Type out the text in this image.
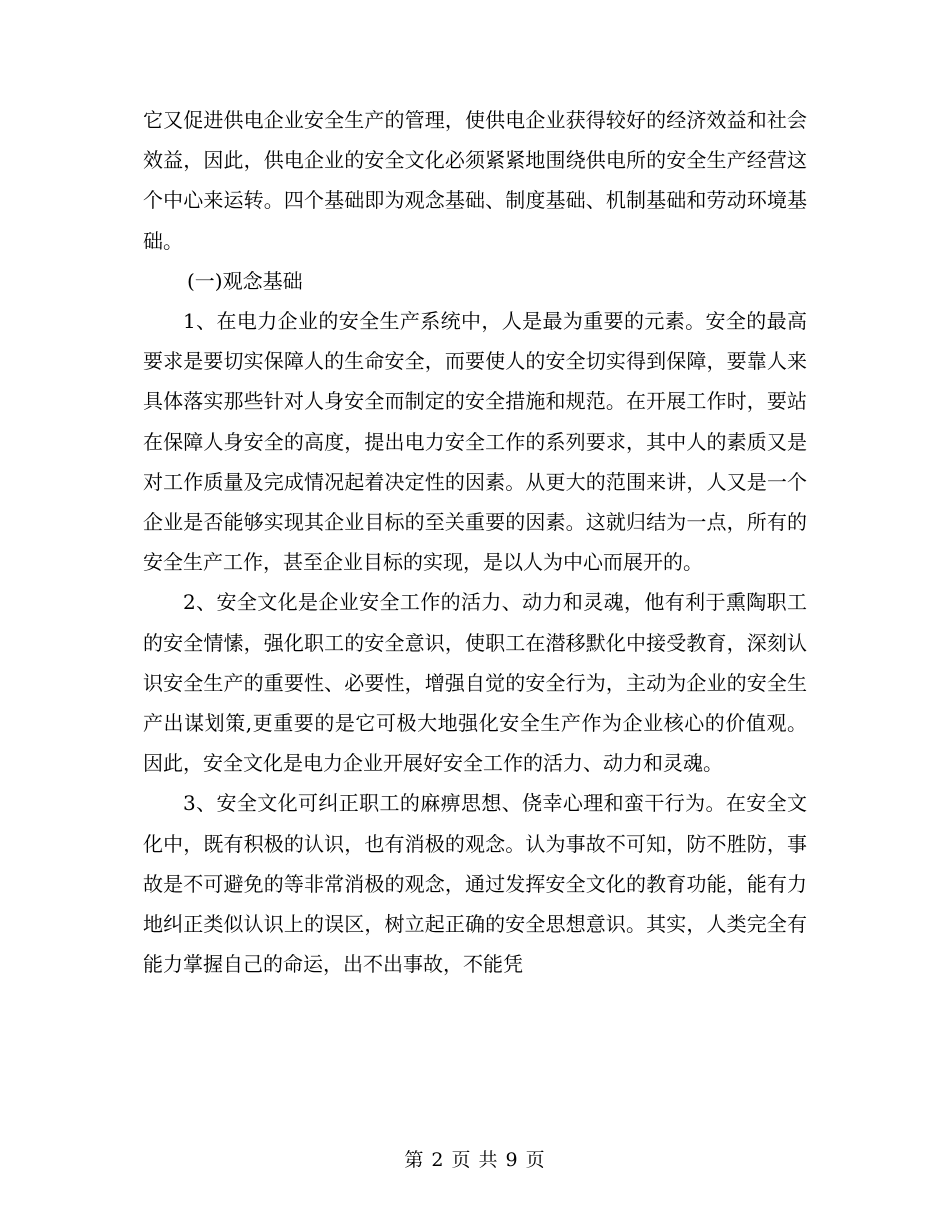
它又促进供电企业安全生产的管理，使供电企业获得较好的经济效益和社会效益，因此，供电企业的安全文化必须紧紧地围绕供电所的安全生产经营这个中心来运转。四个基础即为观念基础、制度基础、机制基础和劳动环境基础。

(一)观念基础

1、在电力企业的安全生产系统中，人是最为重要的元素。安全的最高要求是要切实保障人的生命安全，而要使人的安全切实得到保障，要靠人来具体落实那些针对人身安全而制定的安全措施和规范。在开展工作时，要站在保障人身安全的高度，提出电力安全工作的系列要求，其中人的素质又是对工作质量及完成情况起着决定性的因素。从更大的范围来讲，人又是一个企业是否能够实现其企业目标的至关重要的因素。这就归结为一点，所有的安全生产工作，甚至企业目标的实现，是以人为中心而展开的。

2、安全文化是企业安全工作的活力、动力和灵魂，他有利于熏陶职工的安全情愫，强化职工的安全意识，使职工在潜移默化中接受教育，深刻认识安全生产的重要性、必要性，增强自觉的安全行为，主动为企业的安全生产出谋划策,更重要的是它可极大地强化安全生产作为企业核心的价值观。因此，安全文化是电力企业开展好安全工作的活力、动力和灵魂。

3、安全文化可纠正职工的麻痹思想、侥幸心理和蛮干行为。在安全文化中，既有积极的认识，也有消极的观念。认为事故不可知，防不胜防，事故是不可避免的等非常消极的观念，通过发挥安全文化的教育功能，能有力地纠正类似认识上的误区，树立起正确的安全思想意识。其实，人类完全有能力掌握自己的命运，出不出事故，不能凭

第 2 页 共 9 页
